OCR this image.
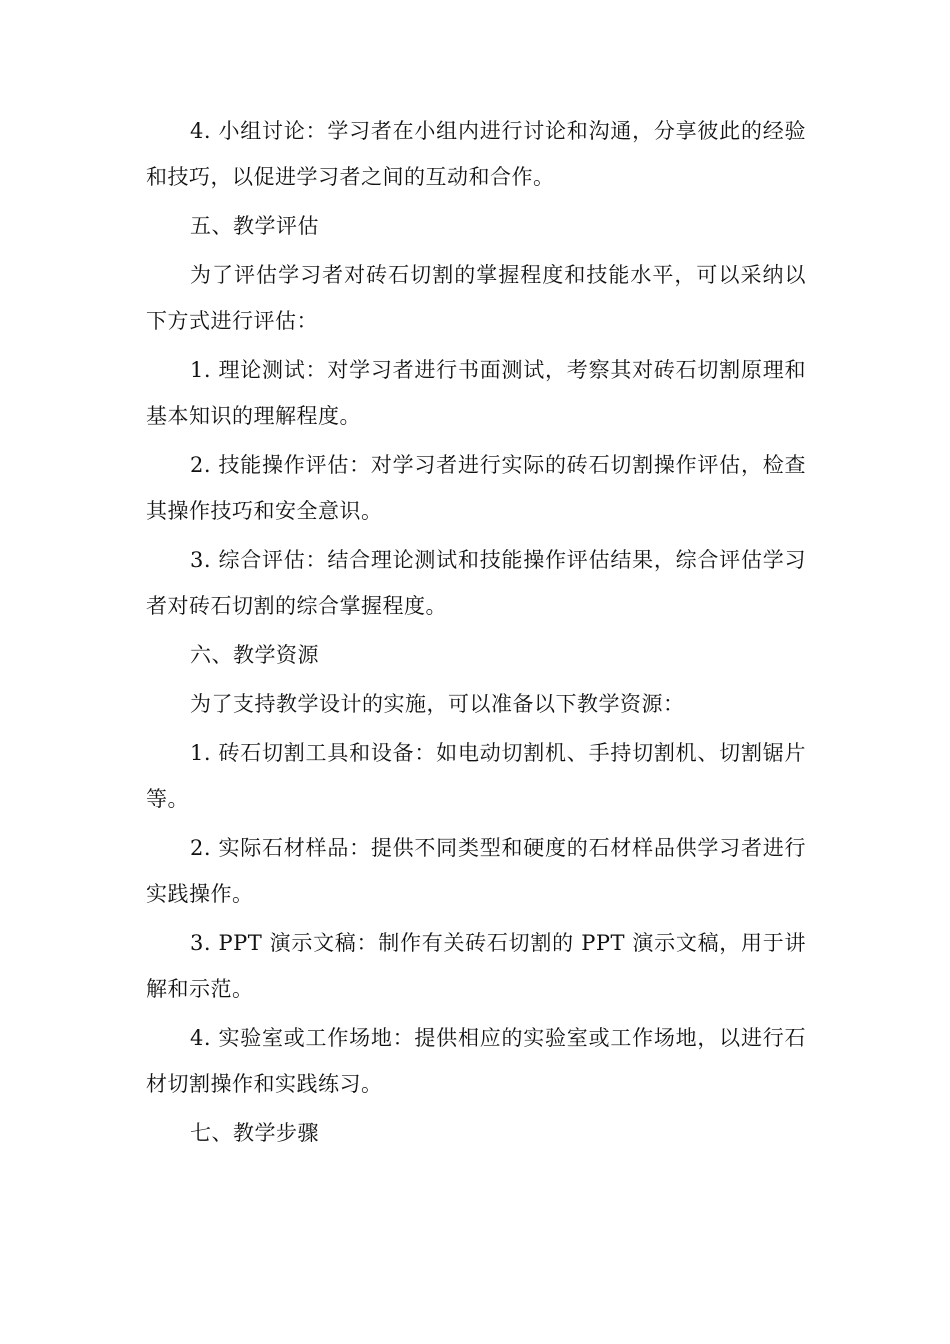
4. 小组讨论：学习者在小组内进行讨论和沟通，分享彼此的经验和技巧，以促进学习者之间的互动和合作。

五、教学评估

为了评估学习者对砖石切割的掌握程度和技能水平，可以采纳以下方式进行评估：

1. 理论测试：对学习者进行书面测试，考察其对砖石切割原理和基本知识的理解程度。

2. 技能操作评估：对学习者进行实际的砖石切割操作评估，检查其操作技巧和安全意识。

3. 综合评估：结合理论测试和技能操作评估结果，综合评估学习者对砖石切割的综合掌握程度。

六、教学资源

为了支持教学设计的实施，可以准备以下教学资源：

1. 砖石切割工具和设备：如电动切割机、手持切割机、切割锯片等。

2. 实际石材样品：提供不同类型和硬度的石材样品供学习者进行实践操作。

3. PPT 演示文稿：制作有关砖石切割的 PPT 演示文稿，用于讲解和示范。

4. 实验室或工作场地：提供相应的实验室或工作场地，以进行石材切割操作和实践练习。

七、教学步骤
